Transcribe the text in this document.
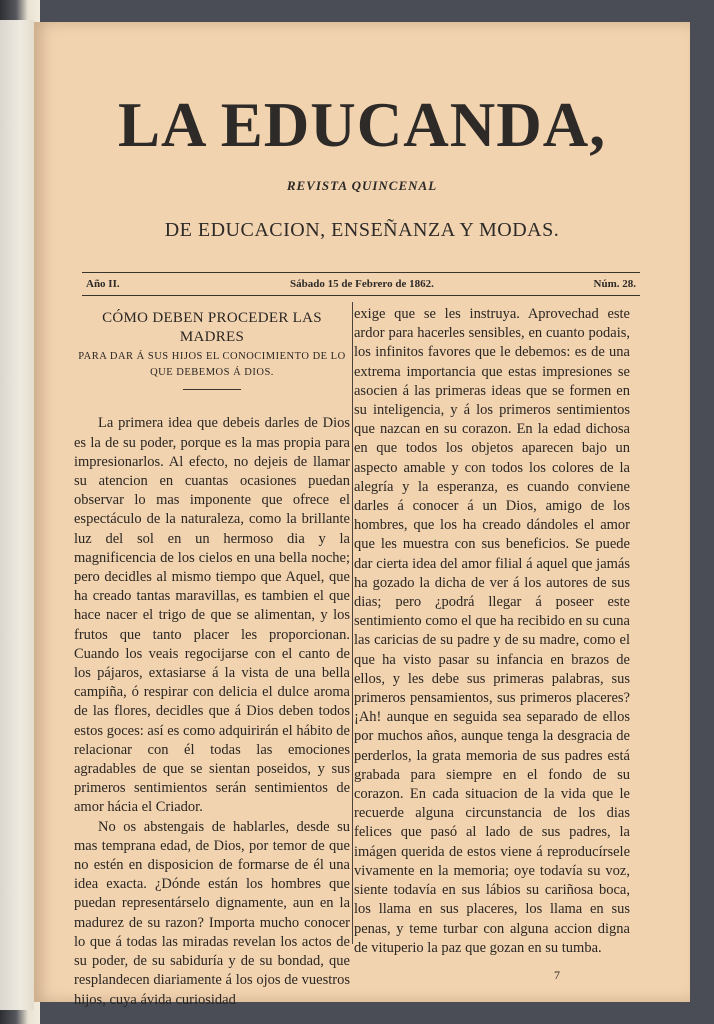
LA EDUCANDA,
REVISTA QUINCENAL
DE EDUCACION, ENSEÑANZA Y MODAS.
Año II.	Sábado 15 de Febrero de 1862.	Núm. 28.
CÓMO DEBEN PROCEDER LAS MADRES
PARA DAR Á SUS HIJOS EL CONOCIMIENTO DE LO QUE DEBEMOS Á DIOS.

La primera idea que debeis darles de Dios es la de su poder, porque es la mas propia para impresionarlos. Al efecto, no dejeis de llamar su atencion en cuantas ocasiones puedan observar lo mas imponente que ofrece el espectáculo de la naturaleza, como la brillante luz del sol en un hermoso dia y la magnificencia de los cielos en una bella noche; pero decidles al mismo tiempo que Aquel, que ha creado tantas maravillas, es tambien el que hace nacer el trigo de que se alimentan, y los frutos que tanto placer les proporcionan. Cuando los veais regocijarse con el canto de los pájaros, extasiarse á la vista de una bella campiña, ó respirar con delicia el dulce aroma de las flores, decidles que á Dios deben todos estos goces: así es como adquirirán el hábito de relacionar con él todas las emociones agradables de que se sientan poseidos, y sus primeros sentimientos serán sentimientos de amor hácia el Criador.

No os abstengais de hablarles, desde su mas temprana edad, de Dios, por temor de que no estén en disposicion de formarse de él una idea exacta. ¿Dónde están los hombres que puedan representárselo dignamente, aun en la madurez de su razon? Importa mucho conocer lo que á todas las miradas revelan los actos de su poder, de su sabiduría y de su bondad, que resplandecen diariamente á los ojos de vuestros hijos, cuya ávida curiosidad

exige que se les instruya. Aprovechad este ardor para hacerles sensibles, en cuanto podais, los infinitos favores que le debemos: es de una extrema importancia que estas impresiones se asocien á las primeras ideas que se formen en su inteligencia, y á los primeros sentimientos que nazcan en su corazon. En la edad dichosa en que todos los objetos aparecen bajo un aspecto amable y con todos los colores de la alegría y la esperanza, es cuando conviene darles á conocer á un Dios, amigo de los hombres, que los ha creado dándoles el amor que les muestra con sus beneficios. Se puede dar cierta idea del amor filial á aquel que jamás ha gozado la dicha de ver á los autores de sus dias; pero ¿podrá llegar á poseer este sentimiento como el que ha recibido en su cuna las caricias de su padre y de su madre, como el que ha visto pasar su infancia en brazos de ellos, y les debe sus primeras palabras, sus primeros pensamientos, sus primeros placeres? ¡Ah! aunque en seguida sea separado de ellos por muchos años, aunque tenga la desgracia de perderlos, la grata memoria de sus padres está grabada para siempre en el fondo de su corazon. En cada situacion de la vida que le recuerde alguna circunstancia de los dias felices que pasó al lado de sus padres, la imágen querida de estos viene á reproducírsele vivamente en la memoria; oye todavía su voz, siente todavía en sus lábios su cariñosa boca, los llama en sus placeres, los llama en sus penas, y teme turbar con alguna accion digna de vituperio la paz que gozan en su tumba.

7
